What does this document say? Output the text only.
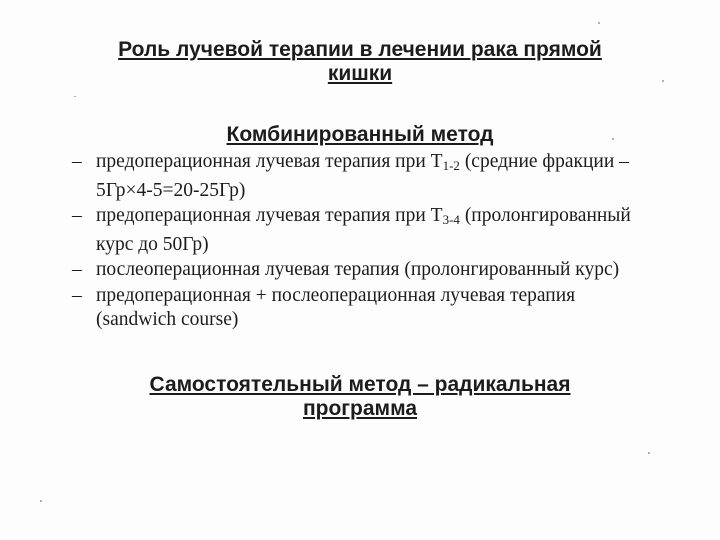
Роль лучевой терапии в лечении рака прямой
кишки
Комбинированный метод
– предоперационная лучевая терапия при $T_{1-2}$ (средние фракции – 5Гр×4-5=20-25Гр)
– предоперационная лучевая терапия при $T_{3-4}$ (пролонгированный курс до 50Гр)
– послеоперационная лучевая терапия (пролонгированный курс)
– предоперационная + послеоперационная лучевая терапия (sandwich course)
Самостоятельный метод – радикальная
программа
